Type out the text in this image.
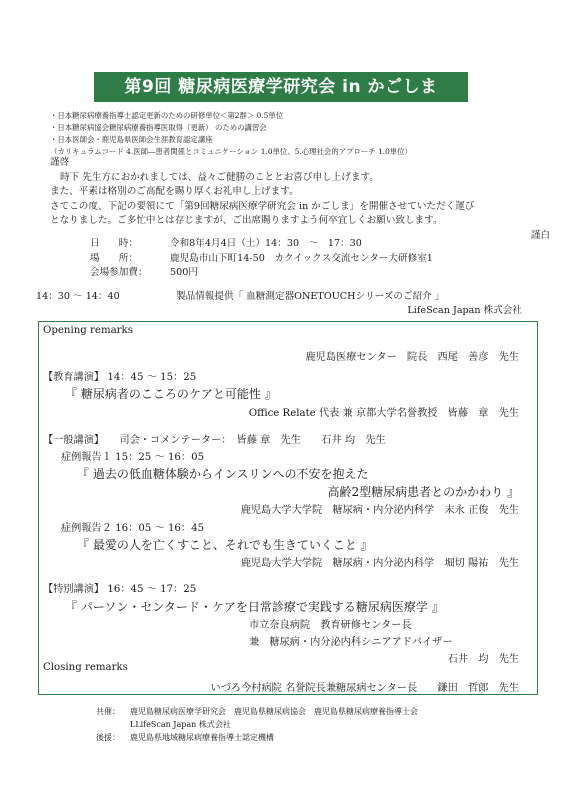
第9回 糖尿病医療学研究会 in かごしま
・日本糖尿病療養指導士認定更新のための研修単位＜第2群＞ 0.5単位
・日本糖尿病協会糖尿病療養指導医取得（更新） のための講習会
・日本医師会・鹿児島県医師会生涯教育認定講座
（カリキュラムコード 4.医師―患者関係とコミュニケーション 1.0単位、5.心理社会的アプローチ 1.0単位）
謹啓
時下 先生方におかれましては、益々ご健勝のこととお喜び申し上げます。
また、平素は格別のご高配を賜り厚くお礼申し上げます。
さてこの度、下記の要領にて「第9回糖尿病医療学研究会 in かごしま」を開催させていただく運び
となりました。ご多忙中とは存じますが、ご出席賜りますよう何卒宜しくお願い致します。
謹白
日　　時：	令和8年4月4日（土）14：30　～　17：30
場　　所：	鹿児島市山下町14-50　カクイックス交流センター大研修室1
会場参加費：	500円
14：30 ～ 14：40	製品情報提供「 血糖測定器ONETOUCHシリーズのご紹介 」
LifeScan Japan 株式会社
Opening remarks
鹿児島医療センター　院長　西尾　善彦　先生
【教育講演】 14：45 ～ 15：25
『 糖尿病者のこころのケアと可能性 』
Office Relate 代表 兼 京都大学名誉教授　皆藤　章　先生
【一般講演】　　司会・コメンテーター：　皆藤 章　先生　　石井 均　先生
症例報告１ 15：25 ～ 16：05
『 過去の低血糖体験からインスリンへの不安を抱えた
高齢2型糖尿病患者とのかかわり 』
鹿児島大学大学院　糖尿病・内分泌内科学　末永 正俊　先生
症例報告２ 16：05 ～ 16：45
『 最愛の人を亡くすこと、それでも生きていくこと 』
鹿児島大学大学院　糖尿病・内分泌内科学　堀切 陽祐　先生
【特別講演】 16：45 ～ 17：25
『 パーソン・センタード・ケアを日常診療で実践する糖尿病医療学 』
市立奈良病院　教育研修センター長
兼　糖尿病・内分泌内科シニアアドバイザー
石井　均　先生
Closing remarks
いづろ今村病院 名誉院長兼糖尿病センター長　　鎌田　哲郎　先生
共催：	鹿児島糖尿病医療学研究会　鹿児島県糖尿病協会　鹿児島県糖尿病療養指導士会
LLifeScan Japan 株式会社
後援：	鹿児島県地域糖尿病療養指導士認定機構
